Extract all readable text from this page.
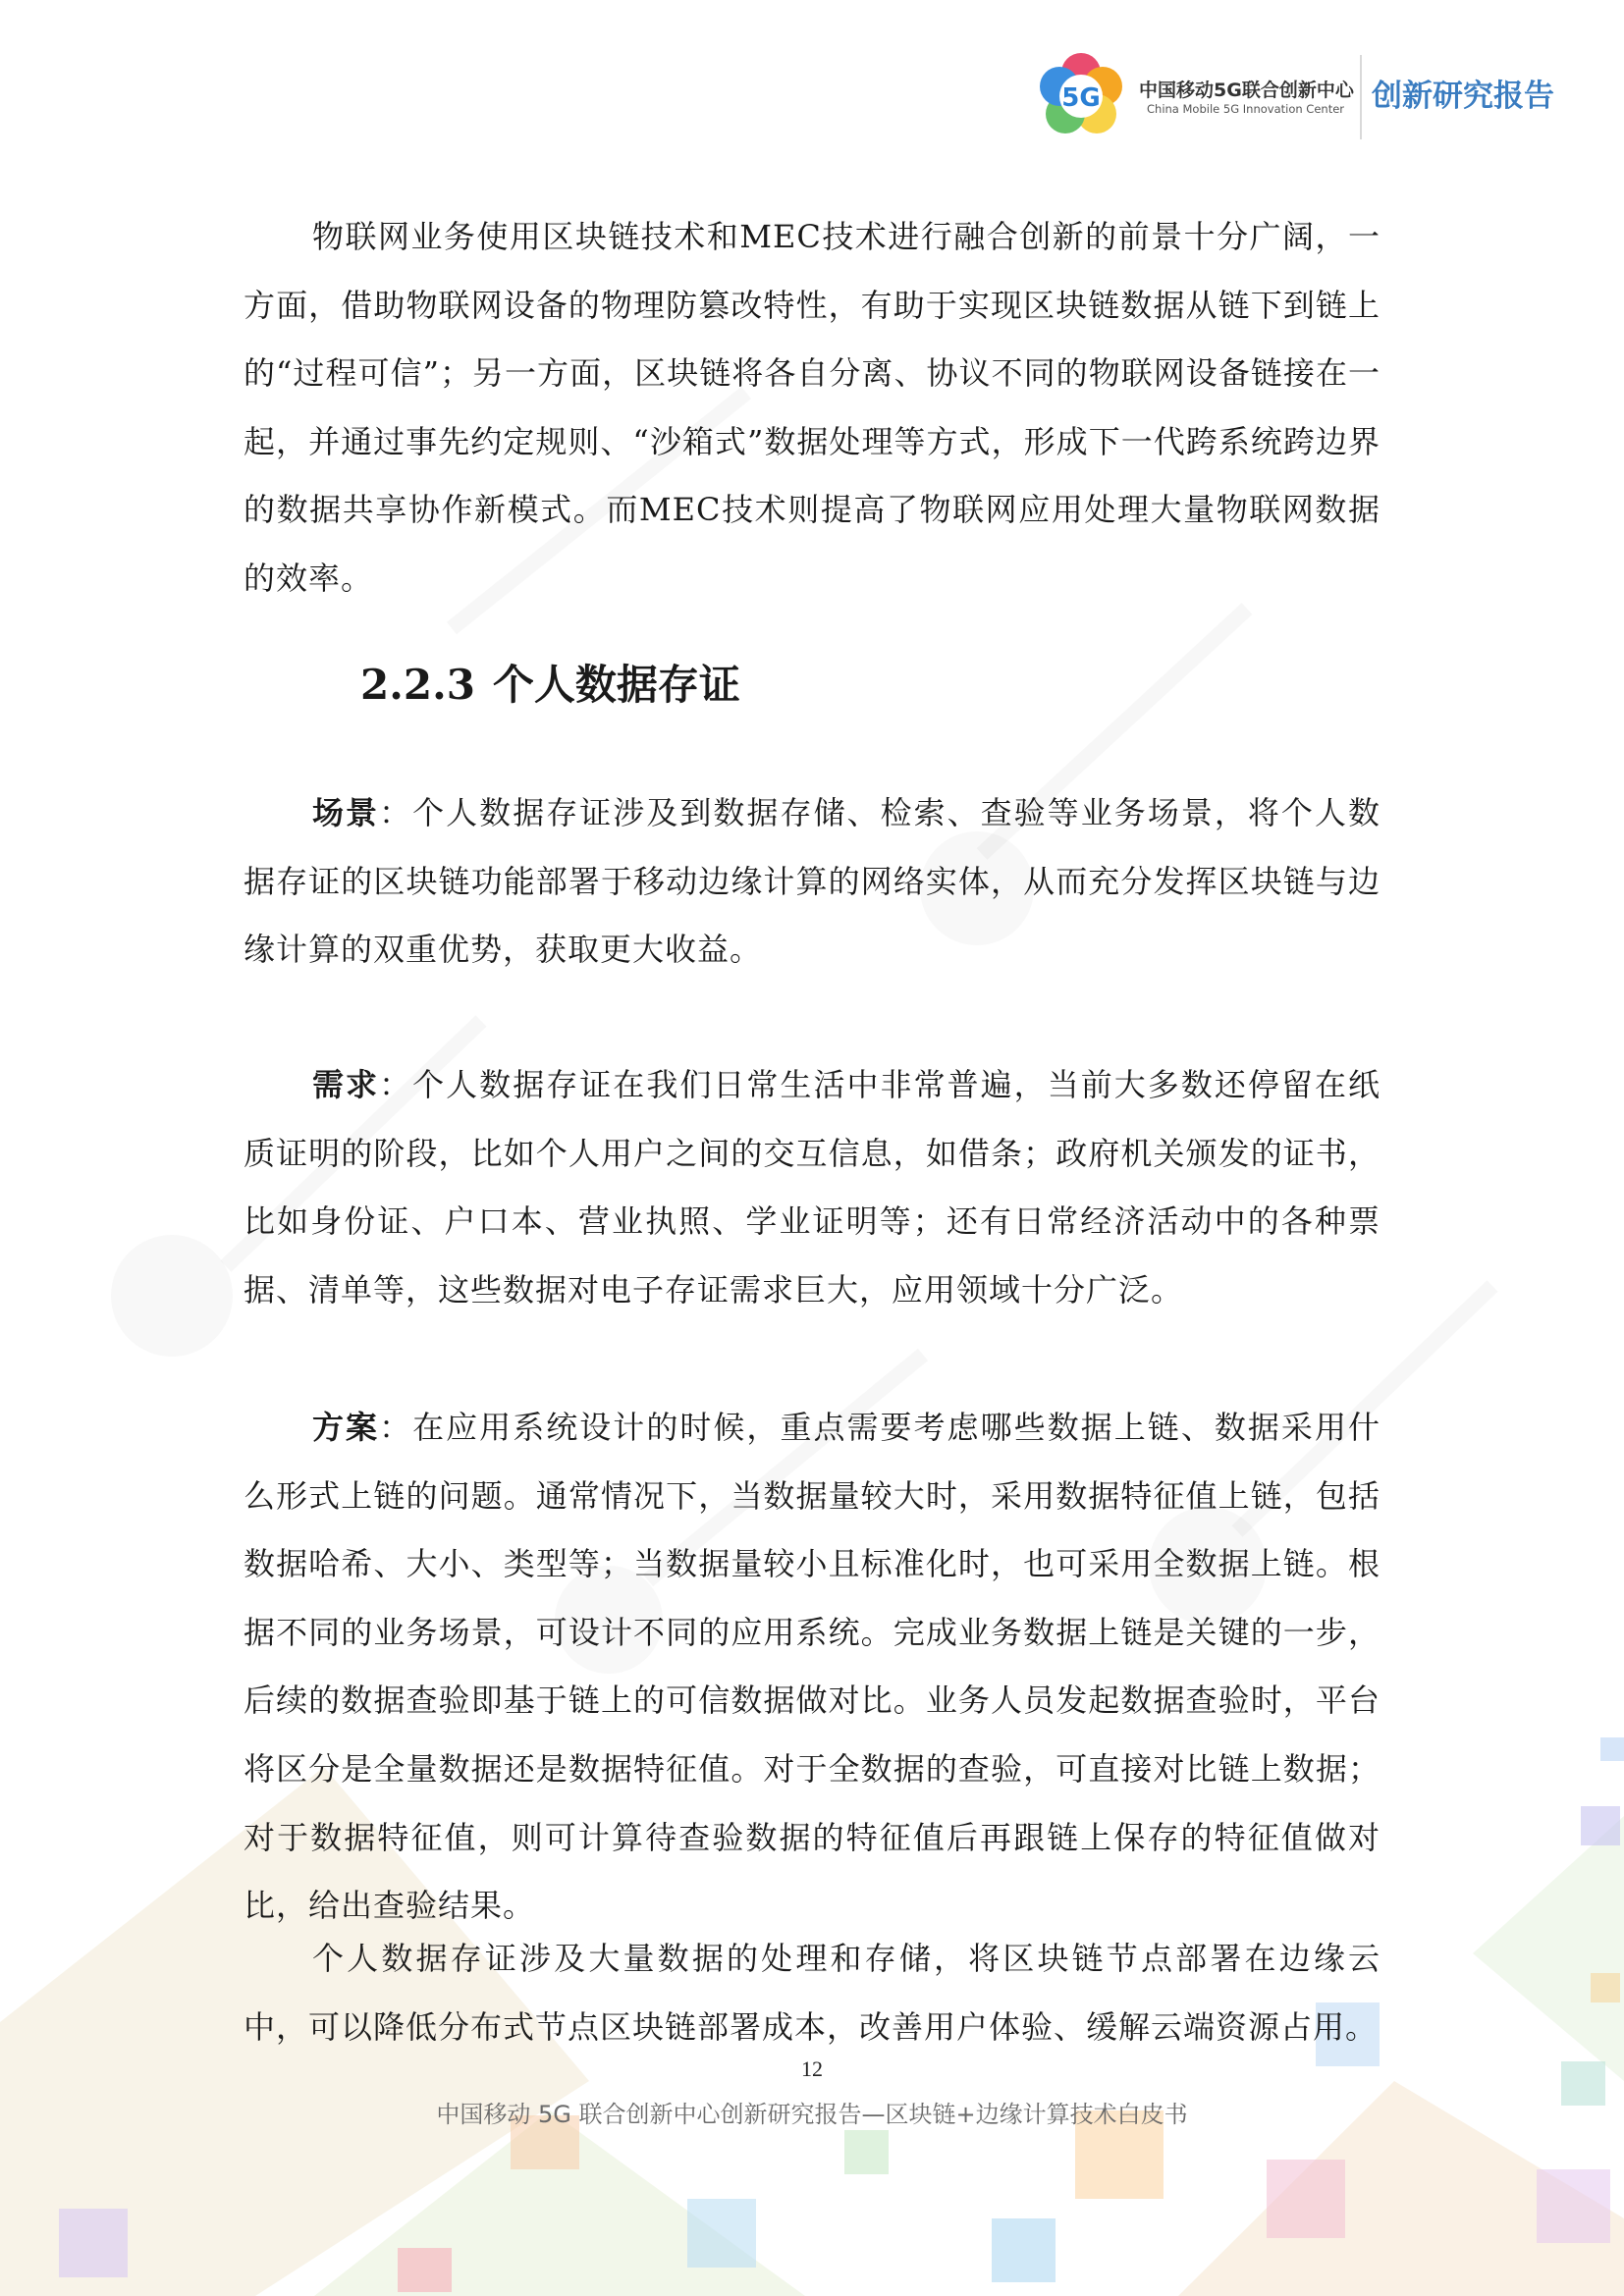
5G 中国移动5G联合创新中心
China Mobile 5G Innovation Center 创新研究报告

物联网业务使用区块链技术和MEC技术进行融合创新的前景十分广阔，一方面，借助物联网设备的物理防篡改特性，有助于实现区块链数据从链下到链上的“过程可信”；另一方面，区块链将各自分离、协议不同的物联网设备链接在一起，并通过事先约定规则、“沙箱式”数据处理等方式，形成下一代跨系统跨边界的数据共享协作新模式。而MEC技术则提高了物联网应用处理大量物联网数据的效率。

2.2.3 个人数据存证

场景：个人数据存证涉及到数据存储、检索、查验等业务场景，将个人数据存证的区块链功能部署于移动边缘计算的网络实体，从而充分发挥区块链与边缘计算的双重优势，获取更大收益。

需求：个人数据存证在我们日常生活中非常普遍，当前大多数还停留在纸质证明的阶段，比如个人用户之间的交互信息，如借条；政府机关颁发的证书，比如身份证、户口本、营业执照、学业证明等；还有日常经济活动中的各种票据、清单等，这些数据对电子存证需求巨大，应用领域十分广泛。

方案：在应用系统设计的时候，重点需要考虑哪些数据上链、数据采用什么形式上链的问题。通常情况下，当数据量较大时，采用数据特征值上链，包括数据哈希、大小、类型等；当数据量较小且标准化时，也可采用全数据上链。根据不同的业务场景，可设计不同的应用系统。完成业务数据上链是关键的一步，后续的数据查验即基于链上的可信数据做对比。业务人员发起数据查验时，平台将区分是全量数据还是数据特征值。对于全数据的查验，可直接对比链上数据；对于数据特征值，则可计算待查验数据的特征值后再跟链上保存的特征值做对比，给出查验结果。

个人数据存证涉及大量数据的处理和存储，将区块链节点部署在边缘云中，可以降低分布式节点区块链部署成本，改善用户体验、缓解云端资源占用。

12
中国移动 5G 联合创新中心创新研究报告—区块链+边缘计算技术白皮书
